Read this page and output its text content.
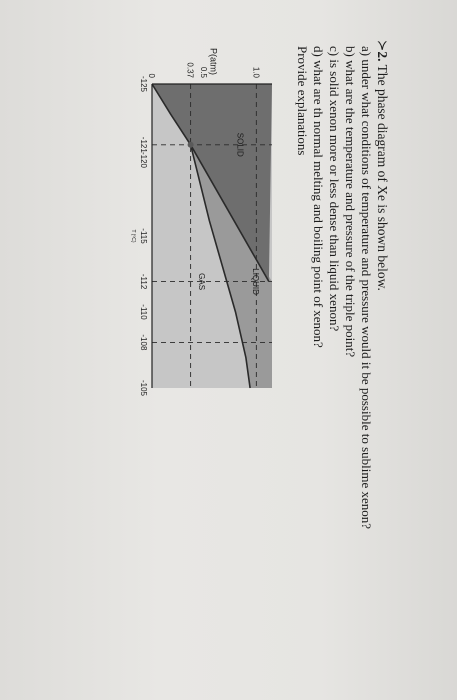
≻2. The phase diagram of Xe is shown below.
a) under what conditions of temperature and pressure would it be possible to sublime xenon?
b) what are the temperature and pressure of the triple point?
c) is solid xenon more or less dense than liquid xenon?
d) what are th normal melting and boiling point of xenon?
Provide explanations
0	0.37 0.5	1.0
P(atm)
-125
-121
-120
-115
-112
-110
-108
-105
T (ºC)
SOLID
LIQUID
GAS
